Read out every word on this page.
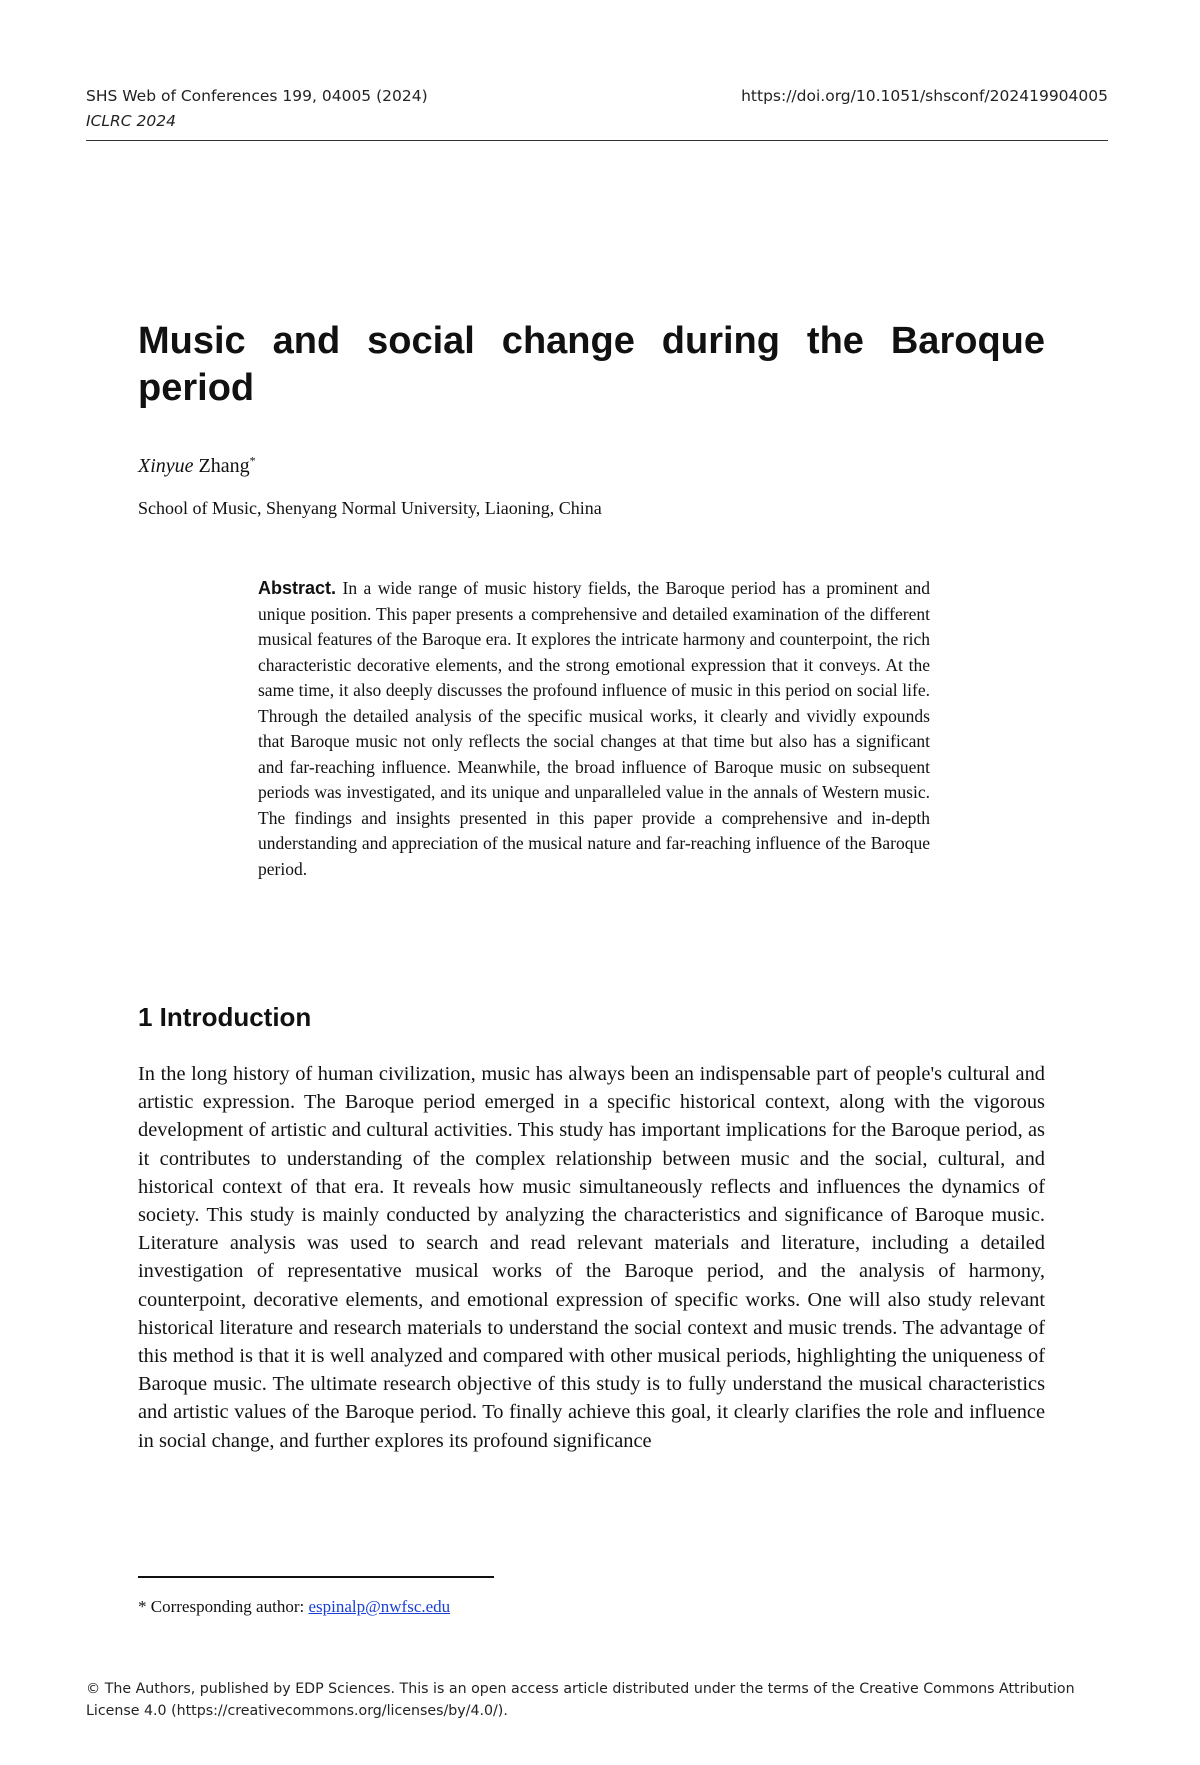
SHS Web of Conferences 199, 04005 (2024)
ICLRC 2024
https://doi.org/10.1051/shsconf/202419904005
Music and social change during the Baroque period
Xinyue Zhang*
School of Music, Shenyang Normal University, Liaoning, China

Abstract. In a wide range of music history fields, the Baroque period has a prominent and unique position. This paper presents a comprehensive and detailed examination of the different musical features of the Baroque era. It explores the intricate harmony and counterpoint, the rich characteristic decorative elements, and the strong emotional expression that it conveys. At the same time, it also deeply discusses the profound influence of music in this period on social life. Through the detailed analysis of the specific musical works, it clearly and vividly expounds that Baroque music not only reflects the social changes at that time but also has a significant and far-reaching influence. Meanwhile, the broad influence of Baroque music on subsequent periods was investigated, and its unique and unparalleled value in the annals of Western music. The findings and insights presented in this paper provide a comprehensive and in-depth understanding and appreciation of the musical nature and far-reaching influence of the Baroque period.

1 Introduction

In the long history of human civilization, music has always been an indispensable part of people's cultural and artistic expression. The Baroque period emerged in a specific historical context, along with the vigorous development of artistic and cultural activities. This study has important implications for the Baroque period, as it contributes to understanding of the complex relationship between music and the social, cultural, and historical context of that era. It reveals how music simultaneously reflects and influences the dynamics of society. This study is mainly conducted by analyzing the characteristics and significance of Baroque music. Literature analysis was used to search and read relevant materials and literature, including a detailed investigation of representative musical works of the Baroque period, and the analysis of harmony, counterpoint, decorative elements, and emotional expression of specific works. One will also study relevant historical literature and research materials to understand the social context and music trends. The advantage of this method is that it is well analyzed and compared with other musical periods, highlighting the uniqueness of Baroque music. The ultimate research objective of this study is to fully understand the musical characteristics and artistic values of the Baroque period. To finally achieve this goal, it clearly clarifies the role and influence in social change, and further explores its profound significance

* Corresponding author: espinalp@nwfsc.edu
© The Authors, published by EDP Sciences. This is an open access article distributed under the terms of the Creative Commons Attribution License 4.0 (https://creativecommons.org/licenses/by/4.0/).
